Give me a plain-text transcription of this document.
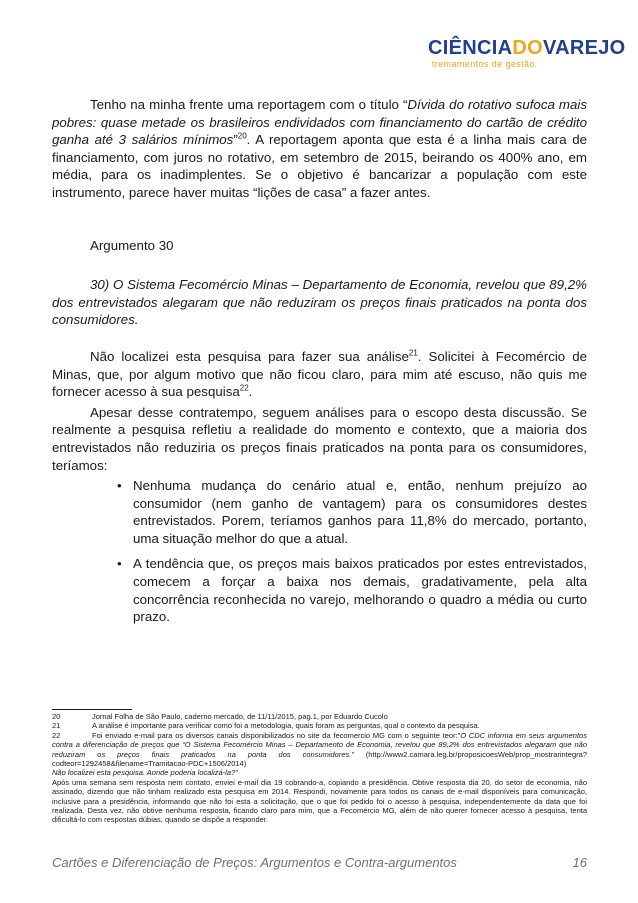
CIÊNCIADOVAREJO
treinamentos de gestão

Tenho na minha frente uma reportagem com o título “Dívida do rotativo sufoca mais pobres: quase metade os brasileiros endividados com financiamento do cartão de crédito ganha até 3 salários mínimos”$^{20}$. A reportagem aponta que esta é a linha mais cara de financiamento, com juros no rotativo, em setembro de 2015, beirando os 400% ano, em média, para os inadimplentes. Se o objetivo é bancarizar a população com este instrumento, parece haver muitas “lições de casa” a fazer antes.

Argumento 30

30) O Sistema Fecomércio Minas – Departamento de Economia, revelou que 89,2% dos entrevistados alegaram que não reduziram os preços finais praticados na ponta dos consumidores.

Não localizei esta pesquisa para fazer sua análise$^{21}$. Solicitei à Fecomércio de Minas, que, por algum motivo que não ficou claro, para mim até escuso, não quis me fornecer acesso à sua pesquisa$^{22}$.

Apesar desse contratempo, seguem análises para o escopo desta discussão. Se realmente a pesquisa refletiu a realidade do momento e contexto, que a maioria dos entrevistados não reduziria os preços finais praticados na ponta para os consumidores, teríamos:

• Nenhuma mudança do cenário atual e, então, nenhum prejuízo ao consumidor (nem ganho de vantagem) para os consumidores destes entrevistados. Porem, teríamos ganhos para 11,8% do mercado, portanto, uma situação melhor do que a atual.
• A tendência que, os preços mais baixos praticados por estes entrevistados, comecem a forçar a baixa nos demais, gradativamente, pela alta concorrência reconhecida no varejo, melhorando o quadro a média ou curto prazo.
20	Jornal Folha de São Paulo, caderno mercado, de 11/11/2015, pag.1, por Eduardo Cucolo
21	A análise é importante para verificar como foi a metodologia, quais foram as perguntas, qual o contexto da pesquisa.
22	Foi enviado e-mail para os diversos canais disponibilizados no site da fecomercio MG com o seguinte teor:”O CDC informa em seus argumentos contra a diferenciação de preços que “O Sistema Fecomércio Minas – Departamento de Economia, revelou que 89,2% dos entrevistados alegaram que não reduziram os preços finais praticados na ponta dos consumidores.” (http://www2.camara.leg.br/proposicoesWeb/prop_mostrarintegra?codteor=1292458&filename=Tramitacao-PDC+1506/2014)
Não localizei esta pesquisa. Aonde poderia localizá-la?”
Após uma semana sem resposta nem contato, enviei e-mail dia 19 cobrando-a, copiando a presidência. Obtive resposta dia 20, do setor de economia, não assinado, dizendo que não tinham realizado esta pesquisa em 2014. Respondi, novamente para todos os canais de e-mail disponíveis para comunicação, inclusive para a presidência, informando que não foi esta a solicitação, que o que foi pedido foi o acesso à pesquisa, independentemente da data que foi realizada. Desta vez, não obtive nenhuma resposta, ficando claro para mim, que a Fecomércio MG, além de não querer fornecer acesso à pesquisa, tenta dificultá-lo com respostas dúbias, quando se dispõe a responder.
Cartões e Diferenciação de Preços: Argumentos e Contra-argumentos	16
